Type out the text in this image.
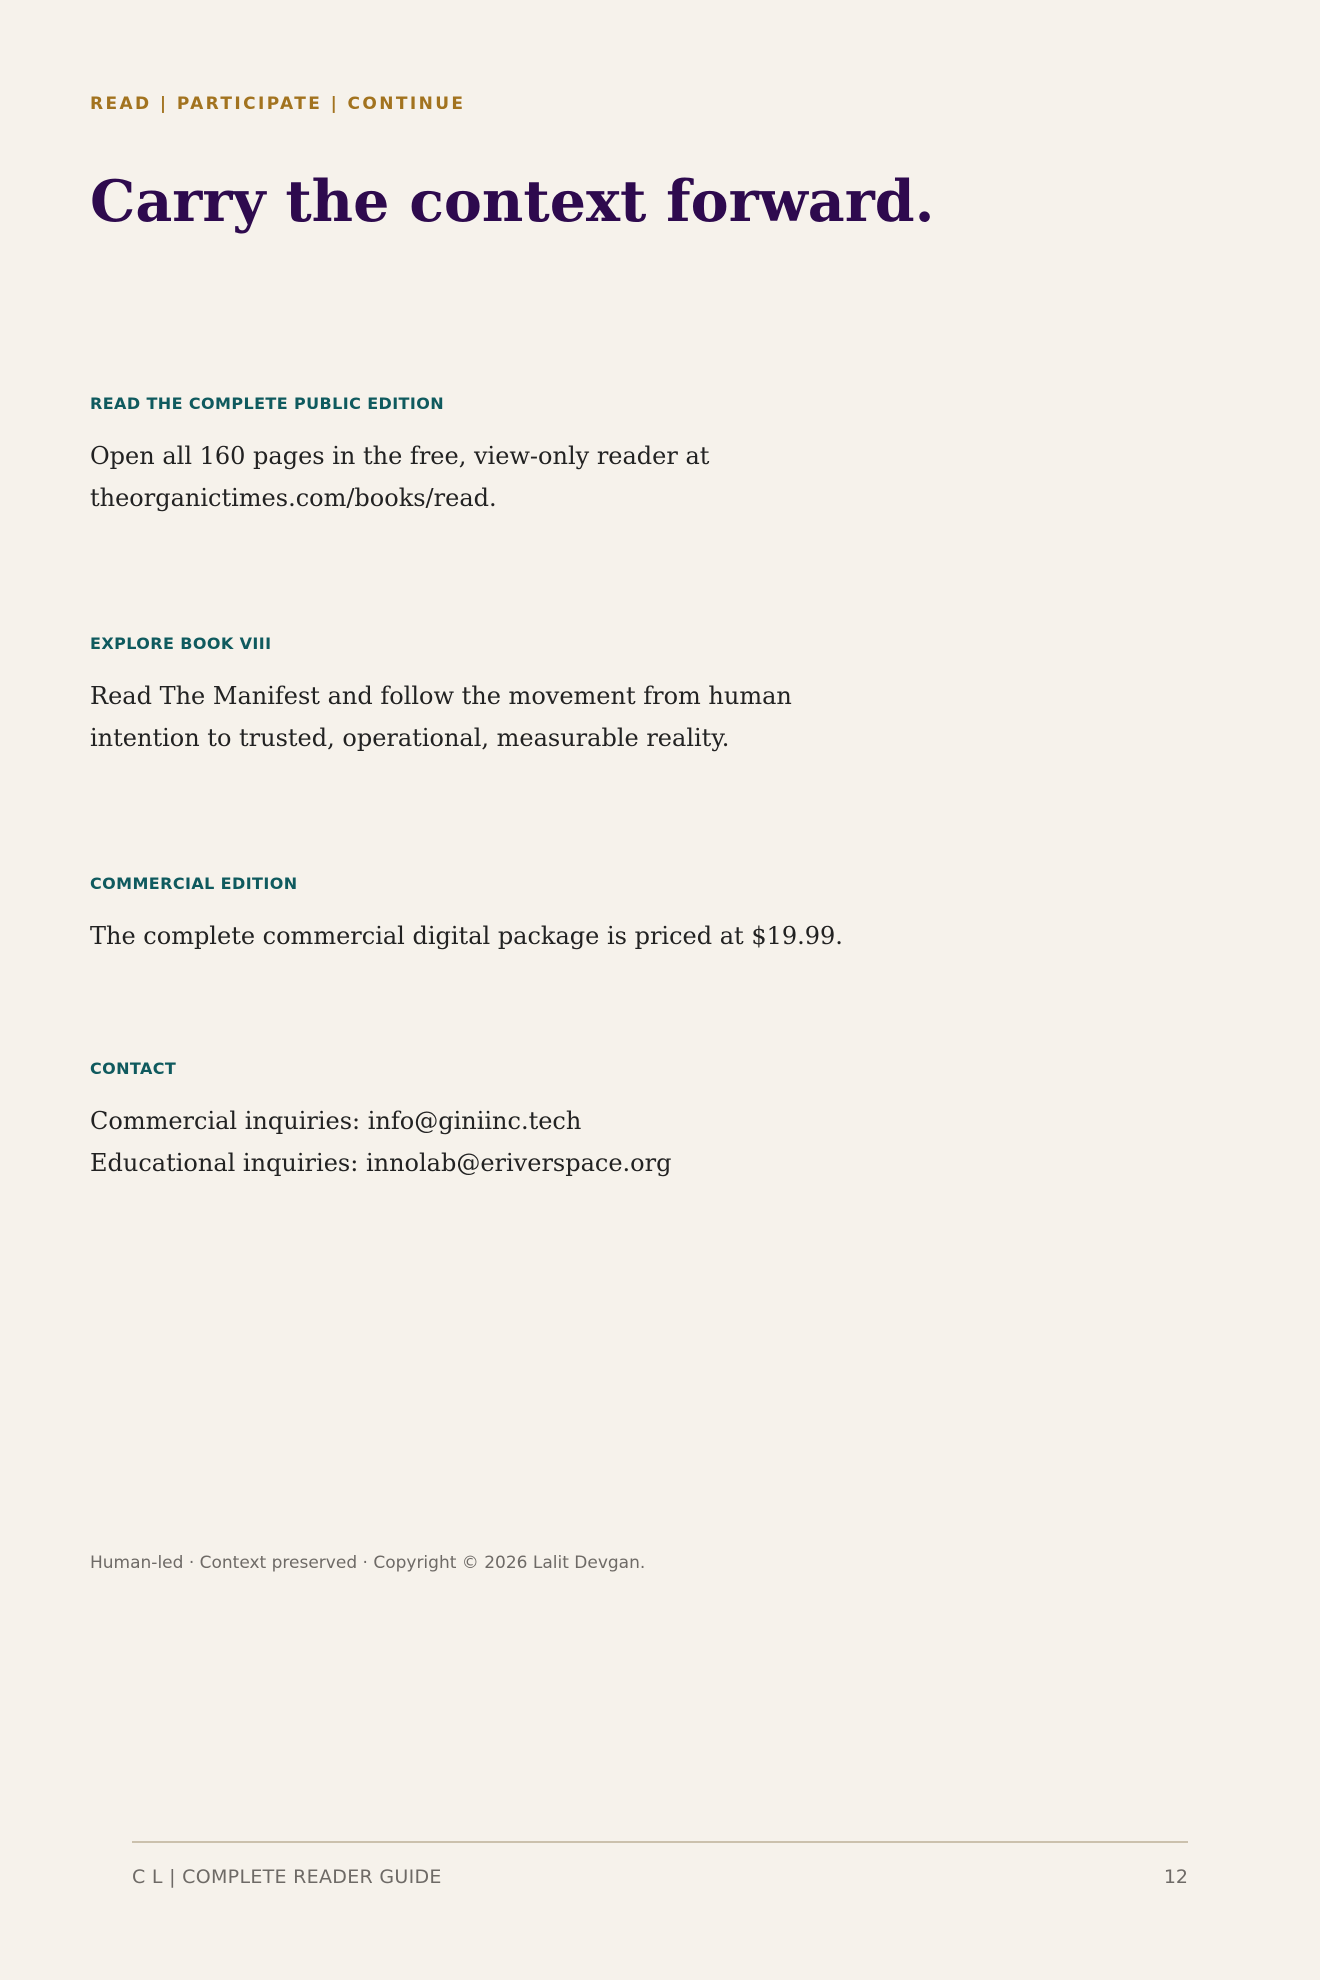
READ | PARTICIPATE | CONTINUE
Carry the context forward.
READ THE COMPLETE PUBLIC EDITION
Open all 160 pages in the free, view-only reader at
theorganictimes.com/books/read.
EXPLORE BOOK VIII
Read The Manifest and follow the movement from human
intention to trusted, operational, measurable reality.
COMMERCIAL EDITION
The complete commercial digital package is priced at $19.99.
CONTACT
Commercial inquiries: info@giniinc.tech
Educational inquiries: innolab@eriverspace.org
Human-led · Context preserved · Copyright © 2026 Lalit Devgan.
C L | COMPLETE READER GUIDE	12
